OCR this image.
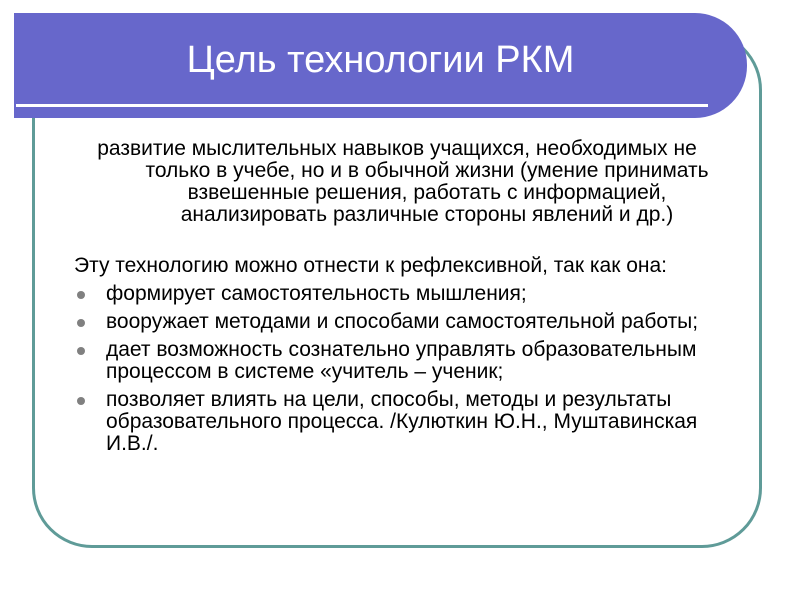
Цель технологии РКМ

развитие мыслительных навыков учащихся, необходимых не только в учебе, но и в обычной жизни (умение принимать взвешенные решения, работать с информацией, анализировать различные стороны явлений и др.)

Эту технологию можно отнести к рефлексивной, так как она:

формирует самостоятельность мышления;
вооружает методами и способами самостоятельной работы;
дает возможность сознательно управлять образовательным процессом в системе «учитель – ученик;
позволяет влиять на цели, способы, методы и результаты образовательного процесса. /Кулюткин Ю.Н., Муштавинская И.В./.
